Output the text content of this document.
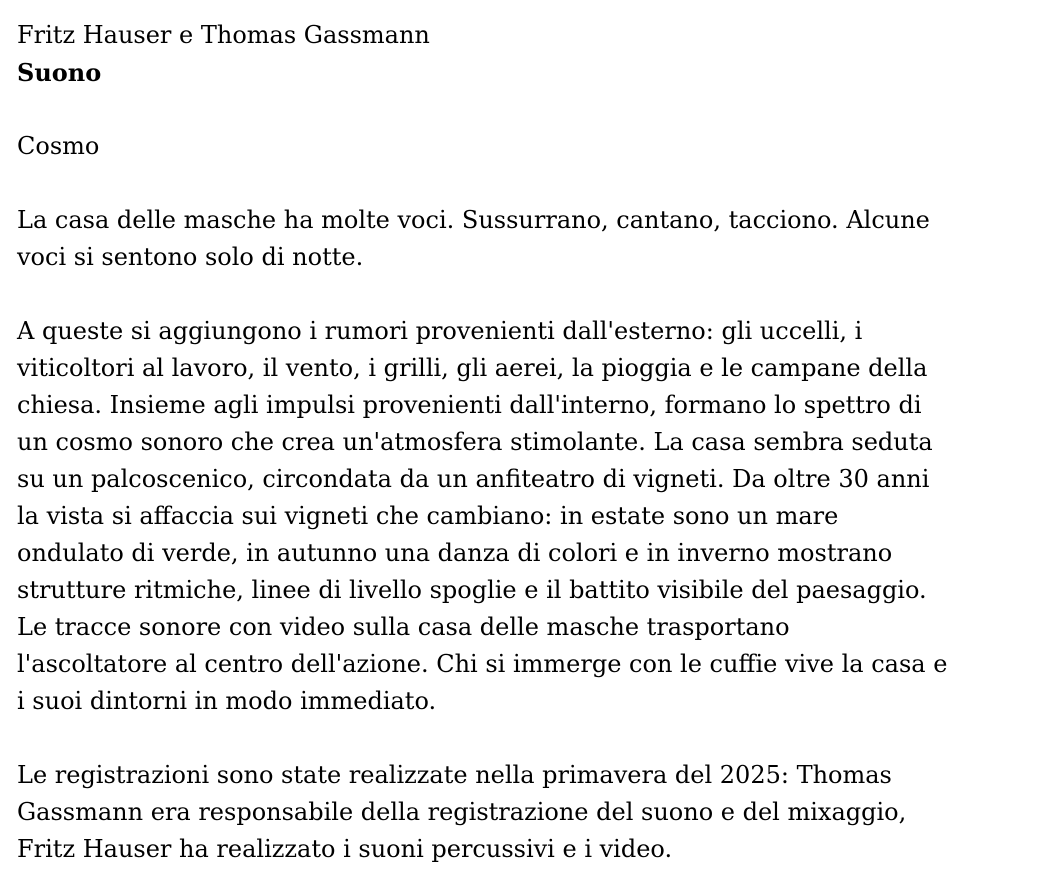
Fritz Hauser e Thomas Gassmann
Suono
Cosmo
La casa delle masche ha molte voci. Sussurrano, cantano, tacciono. Alcune
voci si sentono solo di notte.
A queste si aggiungono i rumori provenienti dall'esterno: gli uccelli, i
viticoltori al lavoro, il vento, i grilli, gli aerei, la pioggia e le campane della
chiesa. Insieme agli impulsi provenienti dall'interno, formano lo spettro di
un cosmo sonoro che crea un'atmosfera stimolante. La casa sembra seduta
su un palcoscenico, circondata da un anfiteatro di vigneti. Da oltre 30 anni
la vista si affaccia sui vigneti che cambiano: in estate sono un mare
ondulato di verde, in autunno una danza di colori e in inverno mostrano
strutture ritmiche, linee di livello spoglie e il battito visibile del paesaggio.
Le tracce sonore con video sulla casa delle masche trasportano
l'ascoltatore al centro dell'azione. Chi si immerge con le cuffie vive la casa e
i suoi dintorni in modo immediato.
Le registrazioni sono state realizzate nella primavera del 2025: Thomas
Gassmann era responsabile della registrazione del suono e del mixaggio,
Fritz Hauser ha realizzato i suoni percussivi e i video.
